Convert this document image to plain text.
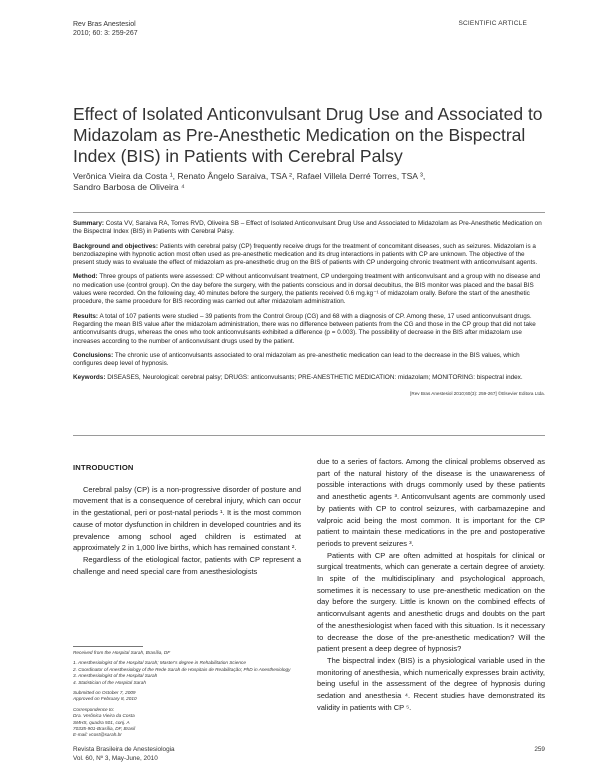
Rev Bras Anestesiol
2010; 60: 3: 259-267
SCIENTIFIC ARTICLE
Effect of Isolated Anticonvulsant Drug Use and Associated to Midazolam as Pre-Anesthetic Medication on the Bispectral Index (BIS) in Patients with Cerebral Palsy
Verônica Vieira da Costa ¹, Renato Ângelo Saraiva, TSA ², Rafael Villela Derré Torres, TSA ³,
Sandro Barbosa de Oliveira ⁴

Summary: Costa VV, Saraiva RA, Torres RVD, Oliveira SB – Effect of Isolated Anticonvulsant Drug Use and Associated to Midazolam as Pre-Anesthetic Medication on the Bispectral Index (BIS) in Patients with Cerebral Palsy.

Background and objectives: Patients with cerebral palsy (CP) frequently receive drugs for the treatment of concomitant diseases, such as seizures. Midazolam is a benzodiazepine with hypnotic action most often used as pre-anesthetic medication and its drug interactions in patients with CP are unknown. The objective of the present study was to evaluate the effect of midazolam as pre-anesthetic drug on the BIS of patients with CP undergoing chronic treatment with anticonvulsant agents.

Method: Three groups of patients were assessed: CP without anticonvulsant treatment, CP undergoing treatment with anticonvulsant and a group with no disease and no medication use (control group). On the day before the surgery, with the patients conscious and in dorsal decubitus, the BIS monitor was placed and the basal BIS values were recorded. On the following day, 40 minutes before the surgery, the patients received 0.6 mg.kg⁻¹ of midazolam orally. Before the start of the anesthetic procedure, the same procedure for BIS recording was carried out after midazolam administration.

Results: A total of 107 patients were studied – 39 patients from the Control Group (CG) and 68 with a diagnosis of CP. Among these, 17 used anticonvulsant drugs. Regarding the mean BIS value after the midazolam administration, there was no difference between patients from the CG and those in the CP group that did not take anticonvulsants drugs, whereas the ones who took anticonvulsants exhibited a difference (p = 0.003). The possibility of decrease in the BIS after midazolam use increases according to the number of anticonvulsant drugs used by the patient.

Conclusions: The chronic use of anticonvulsants associated to oral midazolam as pre-anesthetic medication can lead to the decrease in the BIS values, which configures deep level of hypnosis.

Keywords: DISEASES, Neurological: cerebral palsy; DRUGS: anticonvulsants; PRE-ANESTHETIC MEDICATION: midazolam; MONITORING: bispectral index.

[Rev Bras Anestesiol 2010;60(3): 259-267] ©Elsevier Editora Ltda.
INTRODUCTION

Cerebral palsy (CP) is a non-progressive disorder of posture and movement that is a consequence of cerebral injury, which can occur in the gestational, peri or post-natal periods ¹. It is the most common cause of motor dysfunction in children in developed countries and its prevalence among school aged children is estimated at approximately 2 in 1,000 live births, which has remained constant ².

Regardless of the etiological factor, patients with CP represent a challenge and need special care from anesthesiologists

Received from the Hospital Sarah, Brasília, DF
1. Anesthesiologist of the Hospital Sarah; Master's degree in Rehabilitation Science
2. Coordinator of Anesthesiology of the Rede Sarah de Hospitais de Reabilitação; PhD in Anesthesiology
3. Anesthesiologist of the Hospital Sarah
4. Statistician of the Hospital Sarah
Submitted on October 7, 2009
Approved on February 8, 2010
Correspondence to:
Dra. Verônica Vieira da Costa
SMHS, quadra 501, conj. A
70335-901-Brasília, DF, Brasil
E-mail: vcost@sarah.br

due to a series of factors. Among the clinical problems observed as part of the natural history of the disease is the unawareness of possible interactions with drugs commonly used by these patients and anesthetic agents ³. Anticonvulsant agents are commonly used by patients with CP to control seizures, with carbamazepine and valproic acid being the most common. It is important for the CP patient to maintain these medications in the pre and postoperative periods to prevent seizures ³.

Patients with CP are often admitted at hospitals for clinical or surgical treatments, which can generate a certain degree of anxiety. In spite of the multidisciplinary and psychological approach, sometimes it is necessary to use pre-anesthetic medication on the day before the surgery. Little is known on the combined effects of anticonvulsant agents and anesthetic drugs and doubts on the part of the anesthesiologist when faced with this situation. Is it necessary to decrease the dose of the pre-anesthetic medication? Will the patient present a deep degree of hypnosis?

The bispectral index (BIS) is a physiological variable used in the monitoring of anesthesia, which numerically expresses brain activity, being useful in the assessment of the degree of hypnosis during sedation and anesthesia ⁴. Recent studies have demonstrated its validity in patients with CP ⁵.

Revista Brasileira de Anestesiologia
Vol. 60, Nº 3, May-June, 2010
259
